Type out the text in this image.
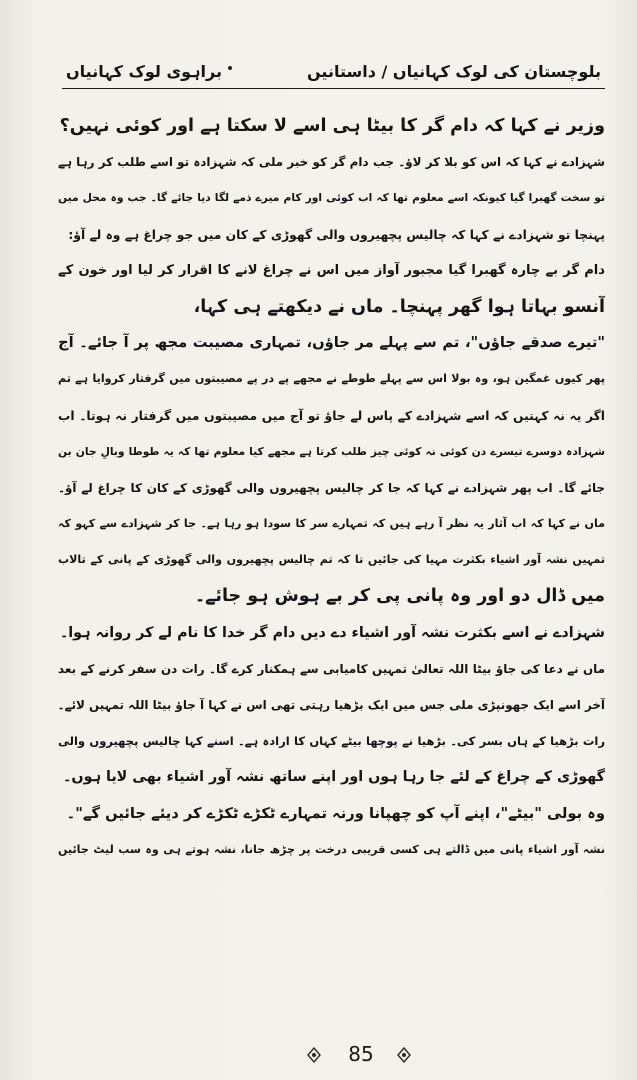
براہوی لوک کہانیاں	بلوچستان کی لوک کہانیاں / داستانیں
وزیر نے کہا کہ دام گر کا بیٹا ہی اسے لا سکتا ہے اور کوئی نہیں؟
شہزادے نے کہا کہ اس کو بلا کر لاؤ۔ جب دام گر کو خبر ملی کہ شہزادہ تو اسے طلب کر رہا ہے
تو سخت گھبرا گیا کیونکہ اسے معلوم تھا کہ اب کوئی اور کام میرے ذمے لگا دیا جائے گا۔ جب وہ محل میں
پہنچا تو شہزادے نے کہا کہ چالیس پچھیروں والی گھوڑی کے کان میں جو چراغ ہے وہ لے آؤ:
دام گر بے چارہ گھبرا گیا مجبور آواز میں اس نے چراغ لانے کا اقرار کر لیا اور خون کے
آنسو بہاتا ہوا گھر پہنچا۔ ماں نے دیکھتے ہی کہا،
"تیرے صدقے جاؤں"، تم سے پہلے مر جاؤں، تمہاری مصیبت مجھ پر آ جائے۔ آج
پھر کیوں غمگین ہو، وہ بولا اس سے پہلے طوطے نے مجھے پے در پے مصیبتوں میں گرفتار کروایا ہے تم
اگر یہ نہ کہتیں کہ اسے شہزادے کے پاس لے جاؤ تو آج میں مصیبتوں میں گرفتار نہ ہوتا۔ اب
شہزادہ دوسرے تیسرے دن کوئی نہ کوئی چیز طلب کرتا ہے مجھے کیا معلوم تھا کہ یہ طوطا وبالِ جان بن
جائے گا۔ اب پھر شہزادے نے کہا کہ جا کر چالیس پچھیروں والی گھوڑی کے کان کا چراغ لے آؤ۔
ماں نے کہا کہ اب آثار یہ نظر آ رہے ہیں کہ تمہارے سر کا سودا ہو رہا ہے۔ جا کر شہزادے سے کہو کہ
تمہیں نشہ آور اشیاء بکثرت مہیا کی جائیں تا کہ تم چالیس پچھیروں والی گھوڑی کے پانی کے تالاب
میں ڈال دو اور وہ پانی پی کر بے ہوش ہو جائے۔
شہزادے نے اسے بکثرت نشہ آور اشیاء دے دیں دام گر خدا کا نام لے کر روانہ ہوا۔
ماں نے دعا کی جاؤ بیٹا اللہ تعالیٰ تمہیں کامیابی سے ہمکنار کرے گا۔ رات دن سفر کرنے کے بعد
آخر اسے ایک جھونپڑی ملی جس میں ایک بڑھیا رہتی تھی اس نے کہا آ جاؤ بیٹا اللہ تمہیں لائے۔
رات بڑھیا کے ہاں بسر کی۔ بڑھیا نے پوچھا بیٹے کہاں کا ارادہ ہے۔ اسنے کہا چالیس پچھیروں والی
گھوڑی کے چراغ کے لئے جا رہا ہوں اور اپنے ساتھ نشہ آور اشیاء بھی لایا ہوں۔
وہ بولی "بیٹے"، اپنے آپ کو چھپانا ورنہ تمہارے ٹکڑے ٹکڑے کر دیئے جائیں گے"۔
نشہ آور اشیاء پانی میں ڈالتے ہی کسی قریبی درخت پر چڑھ جانا، نشہ ہوتے ہی وہ سب لیٹ جائیں
85
